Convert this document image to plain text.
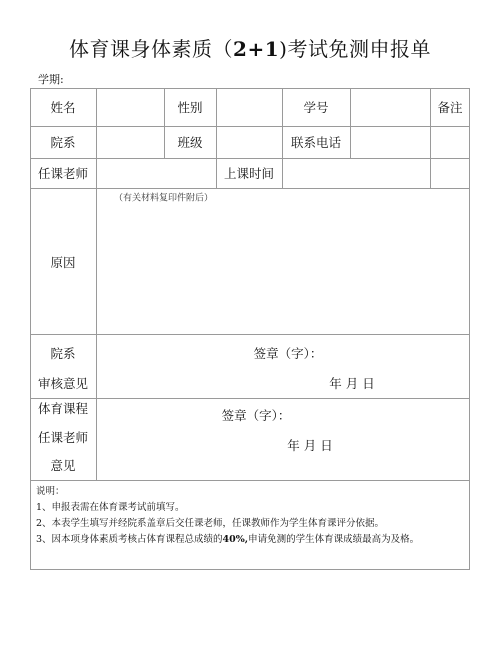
体育课身体素质（2+1)考试免测申报单
学期:
姓名	性别	学号	备注
院系	班级	联系电话
任课老师	上课时间
原因
（有关材料复印件附后）
院系
审核意见
签章（字）：
年 月 日
体育课程
任课老师
意见
签章（字）：
年 月 日
说明：
1、申报表需在体育课考试前填写。
2、本表学生填写并经院系盖章后交任课老师，任课教师作为学生体育课评分依据。
3、因本项身体素质考核占体育课程总成绩的40%,申请免测的学生体育课成绩最高为及格。
